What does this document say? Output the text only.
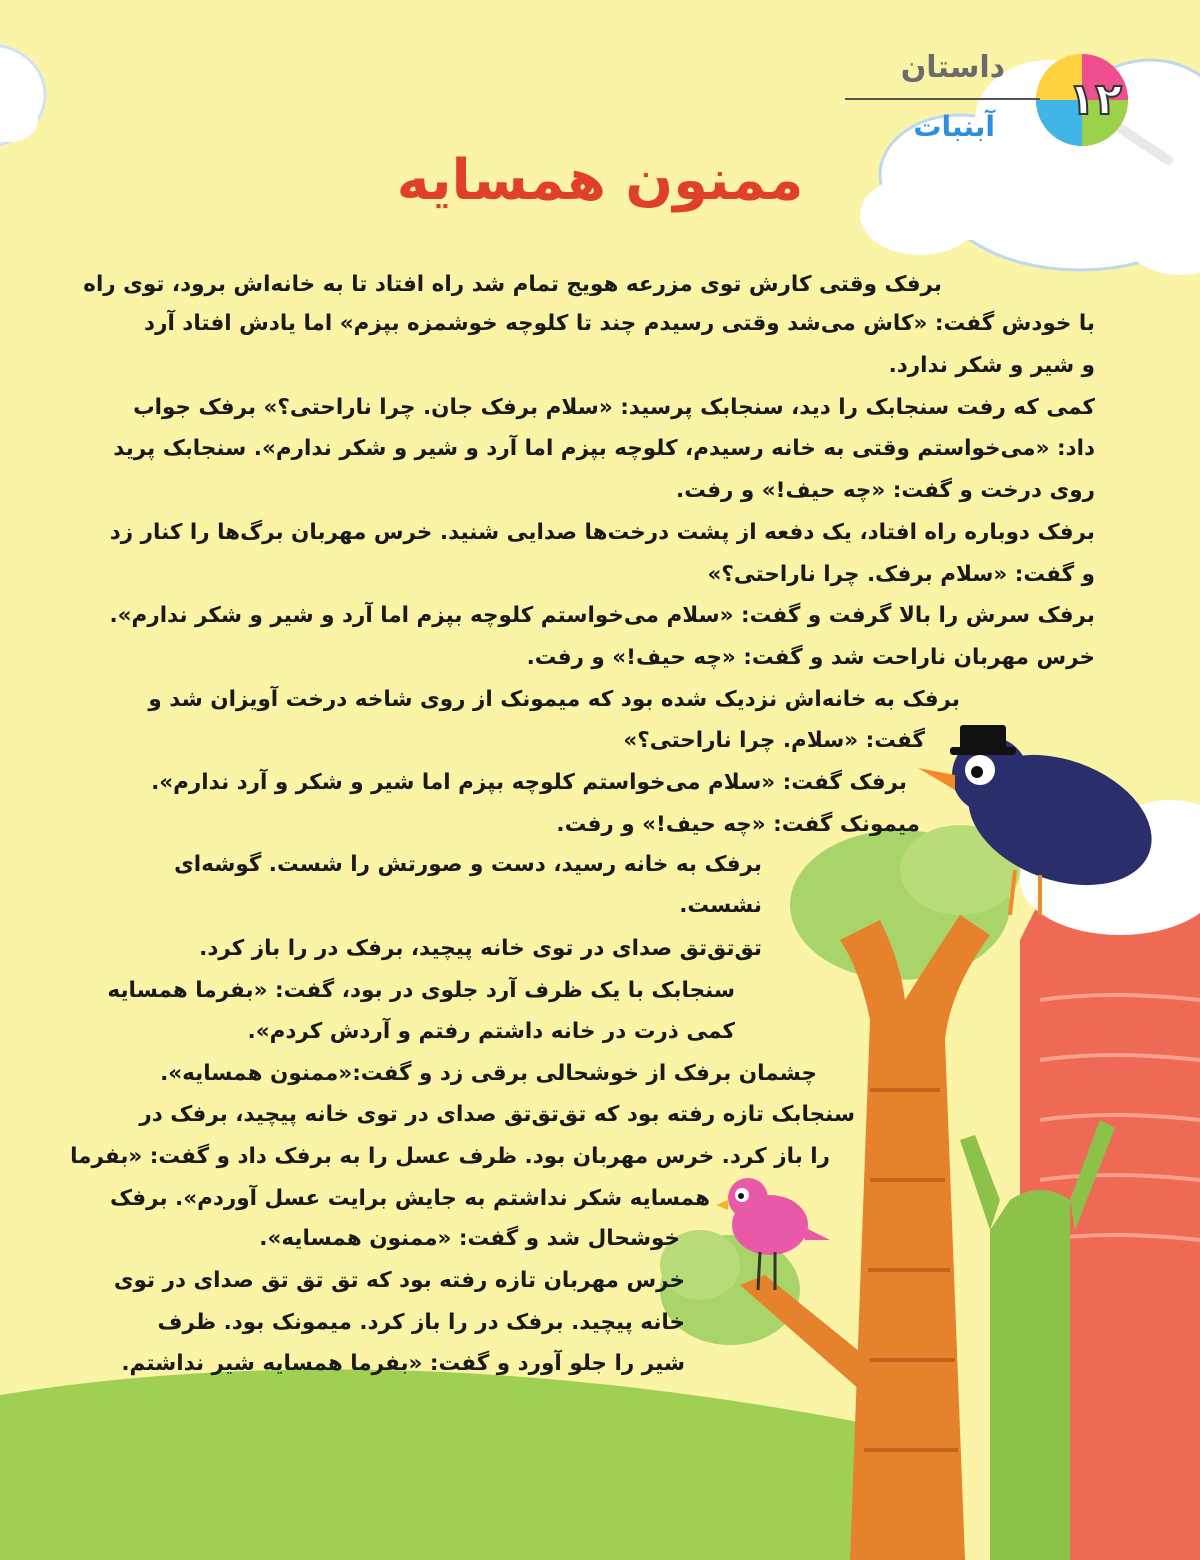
داستان
آبنبات
۱۲
ممنون همسایه
برفک وقتی کارش توی مزرعه هویج تمام شد راه افتاد تا به خانه‌اش برود، توی راه
با خودش گفت: «کاش می‌شد وقتی رسیدم چند تا کلوچه خوشمزه بپزم» اما یادش افتاد آرد
و شیر و شکر ندارد.
کمی که رفت سنجابک را دید، سنجابک پرسید: «سلام برفک جان. چرا ناراحتی؟» برفک جواب
داد: «می‌خواستم وقتی به خانه رسیدم، کلوچه بپزم اما آرد و شیر و شکر ندارم». سنجابک پرید
روی درخت و گفت: «چه حیف!» و رفت.
برفک دوباره راه افتاد، یک دفعه از پشت درخت‌ها صدایی شنید. خرس مهربان برگ‌ها را کنار زد
و گفت: «سلام برفک. چرا ناراحتی؟»
برفک سرش را بالا گرفت و گفت: «سلام می‌خواستم کلوچه بپزم اما آرد و شیر و شکر ندارم».
خرس مهربان ناراحت شد و گفت: «چه حیف!» و رفت.
برفک به خانه‌اش نزدیک شده بود که میمونک از روی شاخه درخت آویزان شد و
گفت: «سلام. چرا ناراحتی؟»
برفک گفت: «سلام می‌خواستم کلوچه بپزم اما شیر و شکر و آرد ندارم».
میمونک گفت: «چه حیف!» و رفت.
برفک به خانه رسید، دست و صورتش را شست. گوشه‌ای
نشست.
تق‌تق‌تق صدای در توی خانه پیچید، برفک در را باز کرد.
سنجابک با یک ظرف آرد جلوی در بود، گفت: «بفرما همسایه
کمی ذرت در خانه داشتم رفتم و آردش کردم».
چشمان برفک از خوشحالی برقی زد و گفت:«ممنون همسایه».
سنجابک تازه رفته بود که تق‌تق‌تق صدای در توی خانه پیچید، برفک در
را باز کرد. خرس مهربان بود. ظرف عسل را به برفک داد و گفت: «بفرما
همسایه شکر نداشتم به جایش برایت عسل آوردم». برفک
خوشحال شد و گفت: «ممنون همسایه».
خرس مهربان تازه رفته بود که تق تق تق صدای در توی
خانه پیچید. برفک در را باز کرد. میمونک بود. ظرف
شیر را جلو آورد و گفت: «بفرما همسایه شیر نداشتم.
